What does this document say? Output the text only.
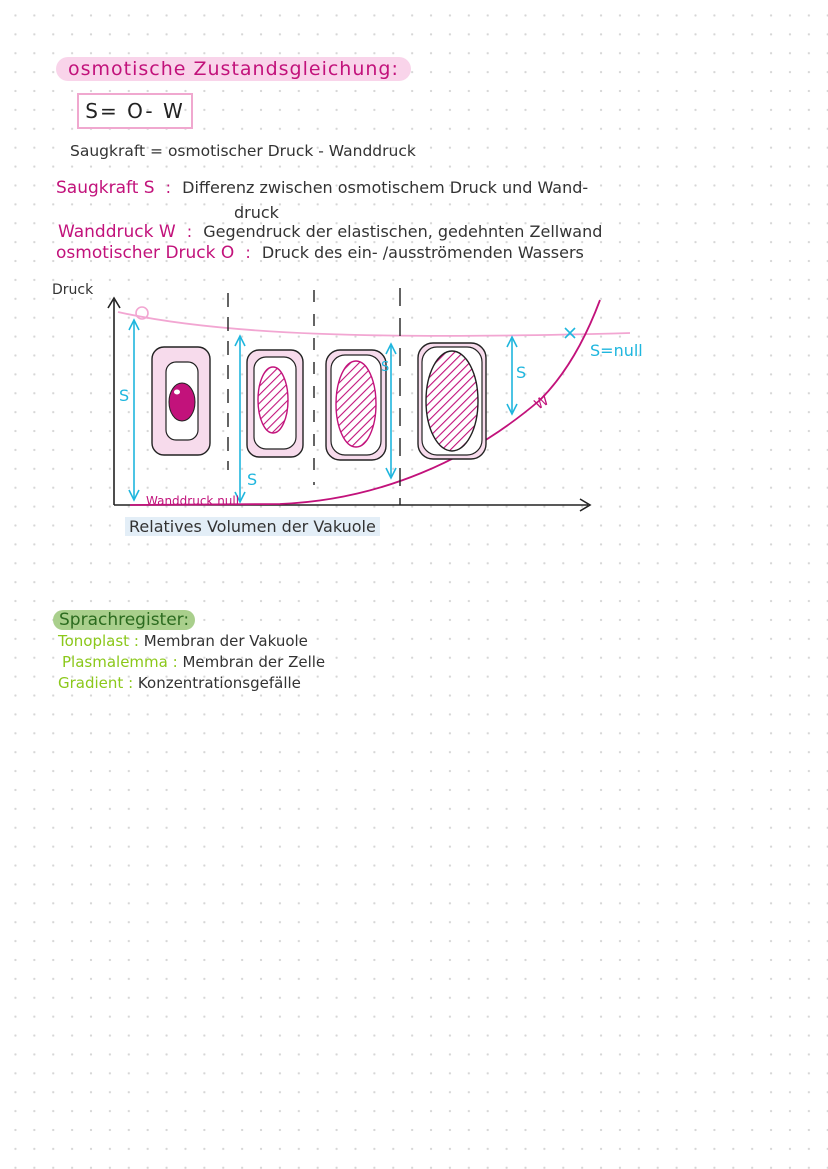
osmotische Zustandsgleichung:
S= O- W
Saugkraft = osmotischer Druck - Wanddruck
Saugkraft S : Differenz zwischen osmotischem Druck und Wand-
druck
Wanddruck W : Gegendruck der elastischen, gedehnten Zellwand
osmotischer Druck O : Druck des ein- /ausströmenden Wassers
Druck
S
S
S	S
W
Wanddruck null
S=null
Relatives Volumen der Vakuole
Sprachregister:
Tonoplast : Membran der Vakuole
Plasmalemma : Membran der Zelle
Gradient : Konzentrationsgefälle
